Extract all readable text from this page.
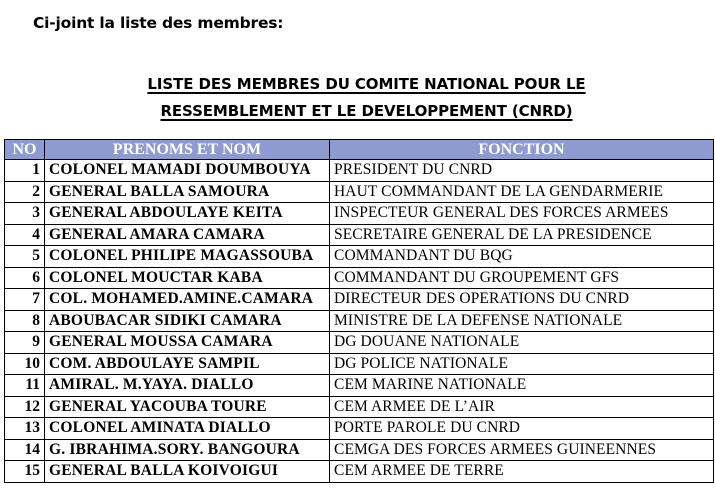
Ci-joint la liste des membres:
LISTE DES MEMBRES DU COMITE NATIONAL POUR LE
RESSEMBLEMENT ET LE DEVELOPPEMENT (CNRD)
NO	PRENOMS ET NOM	FONCTION
1	COLONEL MAMADI DOUMBOUYA	PRESIDENT DU CNRD
2	GENERAL BALLA SAMOURA	HAUT COMMANDANT DE LA GENDARMERIE
3	GENERAL ABDOULAYE KEITA	INSPECTEUR GENERAL DES FORCES ARMEES
4	GENERAL AMARA CAMARA	SECRETAIRE GENERAL DE LA PRESIDENCE
5	COLONEL PHILIPE MAGASSOUBA	COMMANDANT DU BQG
6	COLONEL MOUCTAR KABA	COMMANDANT DU GROUPEMENT GFS
7	COL. MOHAMED.AMINE.CAMARA	DIRECTEUR DES OPERATIONS DU CNRD
8	ABOUBACAR SIDIKI CAMARA	MINISTRE DE LA DEFENSE NATIONALE
9	GENERAL MOUSSA CAMARA	DG DOUANE NATIONALE
10	COM. ABDOULAYE SAMPIL	DG POLICE NATIONALE
11	AMIRAL. M.YAYA. DIALLO	CEM MARINE NATIONALE
12	GENERAL YACOUBA TOURE	CEM ARMEE DE L’AIR
13	COLONEL AMINATA DIALLO	PORTE PAROLE DU CNRD
14	G. IBRAHIMA.SORY. BANGOURA	CEMGA DES FORCES ARMEES GUINEENNES
15	GENERAL BALLA KOIVOIGUI	CEM ARMEE DE TERRE
